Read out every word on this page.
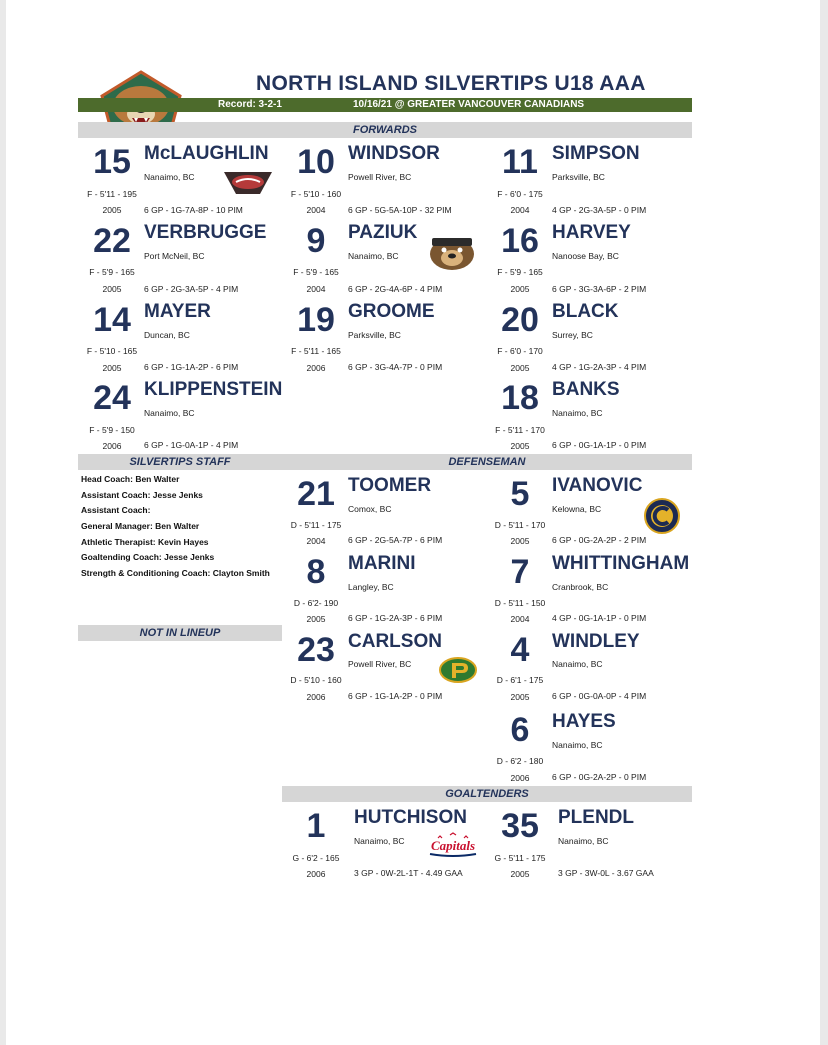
NORTH ISLAND SILVERTIPS U18 AAA
Record: 3-2-1	10/16/21 @ GREATER VANCOUVER CANADIANS
FORWARDS
15 McLAUGHLIN
Nanaimo, BC
F - 5'11 - 195
2005	6 GP - 1G-7A-8P - 10 PIM
10 WINDSOR
Powell River, BC
F - 5'10 - 160
2004	6 GP - 5G-5A-10P - 32 PIM
11 SIMPSON
Parksville, BC
F - 6'0 - 175
2004	4 GP - 2G-3A-5P - 0 PIM
22 VERBRUGGE
Port McNeil, BC
F - 5'9 - 165
2005	6 GP - 2G-3A-5P - 4 PIM
9	PAZIUK
Nanaimo, BC
F - 5'9 - 165
2004	6 GP - 2G-4A-6P - 4 PIM
16 HARVEY
Nanoose Bay, BC
F - 5'9 - 165
2005	6 GP - 3G-3A-6P - 2 PIM
14 MAYER
Duncan, BC
F - 5'10 - 165
2005	6 GP - 1G-1A-2P - 6 PIM
19 GROOME
Parksville, BC
F - 5'11 - 165
2006	6 GP - 3G-4A-7P - 0 PIM
20 BLACK
Surrey, BC
F - 6'0 - 170
2005	4 GP - 1G-2A-3P - 4 PIM
24 KLIPPENSTEIN
Nanaimo, BC
F - 5'9 - 150
2006	6 GP - 1G-0A-1P - 4 PIM
18 BANKS
Nanaimo, BC
F - 5'11 - 170
2005	6 GP - 0G-1A-1P - 0 PIM
SILVERTIPS STAFF	DEFENSEMAN
Head Coach: Ben Walter
Assistant Coach: Jesse Jenks
Assistant Coach:
General Manager: Ben Walter
Athletic Therapist: Kevin Hayes
Goaltending Coach: Jesse Jenks
Strength & Conditioning Coach: Clayton Smith
NOT IN LINEUP
21 TOOMER
Comox, BC
D - 5'11 - 175
2004	6 GP - 2G-5A-7P - 6 PIM
5	IVANOVIC
Kelowna, BC
D - 5'11 - 170
2005	6 GP - 0G-2A-2P - 2 PIM
8	MARINI
Langley, BC
D - 6'2- 190
2005	6 GP - 1G-2A-3P - 6 PIM
7	WHITTINGHAM
Cranbrook, BC
D - 5'11 - 150
2004	4 GP - 0G-1A-1P - 0 PIM
23 CARLSON
Powell River, BC
D - 5'10 - 160
2006	6 GP - 1G-1A-2P - 0 PIM
4	WINDLEY
Nanaimo, BC
D - 6'1 - 175
2005	6 GP - 0G-0A-0P - 4 PIM
6	HAYES
Nanaimo, BC
D - 6'2 - 180
2006	6 GP - 0G-2A-2P - 0 PIM
GOALTENDERS
1	HUTCHISON
Nanaimo, BC
G - 6'2 - 165
2006	3 GP - 0W-2L-1T - 4.49 GAA
35	PLENDL
Nanaimo, BC
G - 5'11 - 175
2005	3 GP - 3W-0L - 3.67 GAA
Capitals
